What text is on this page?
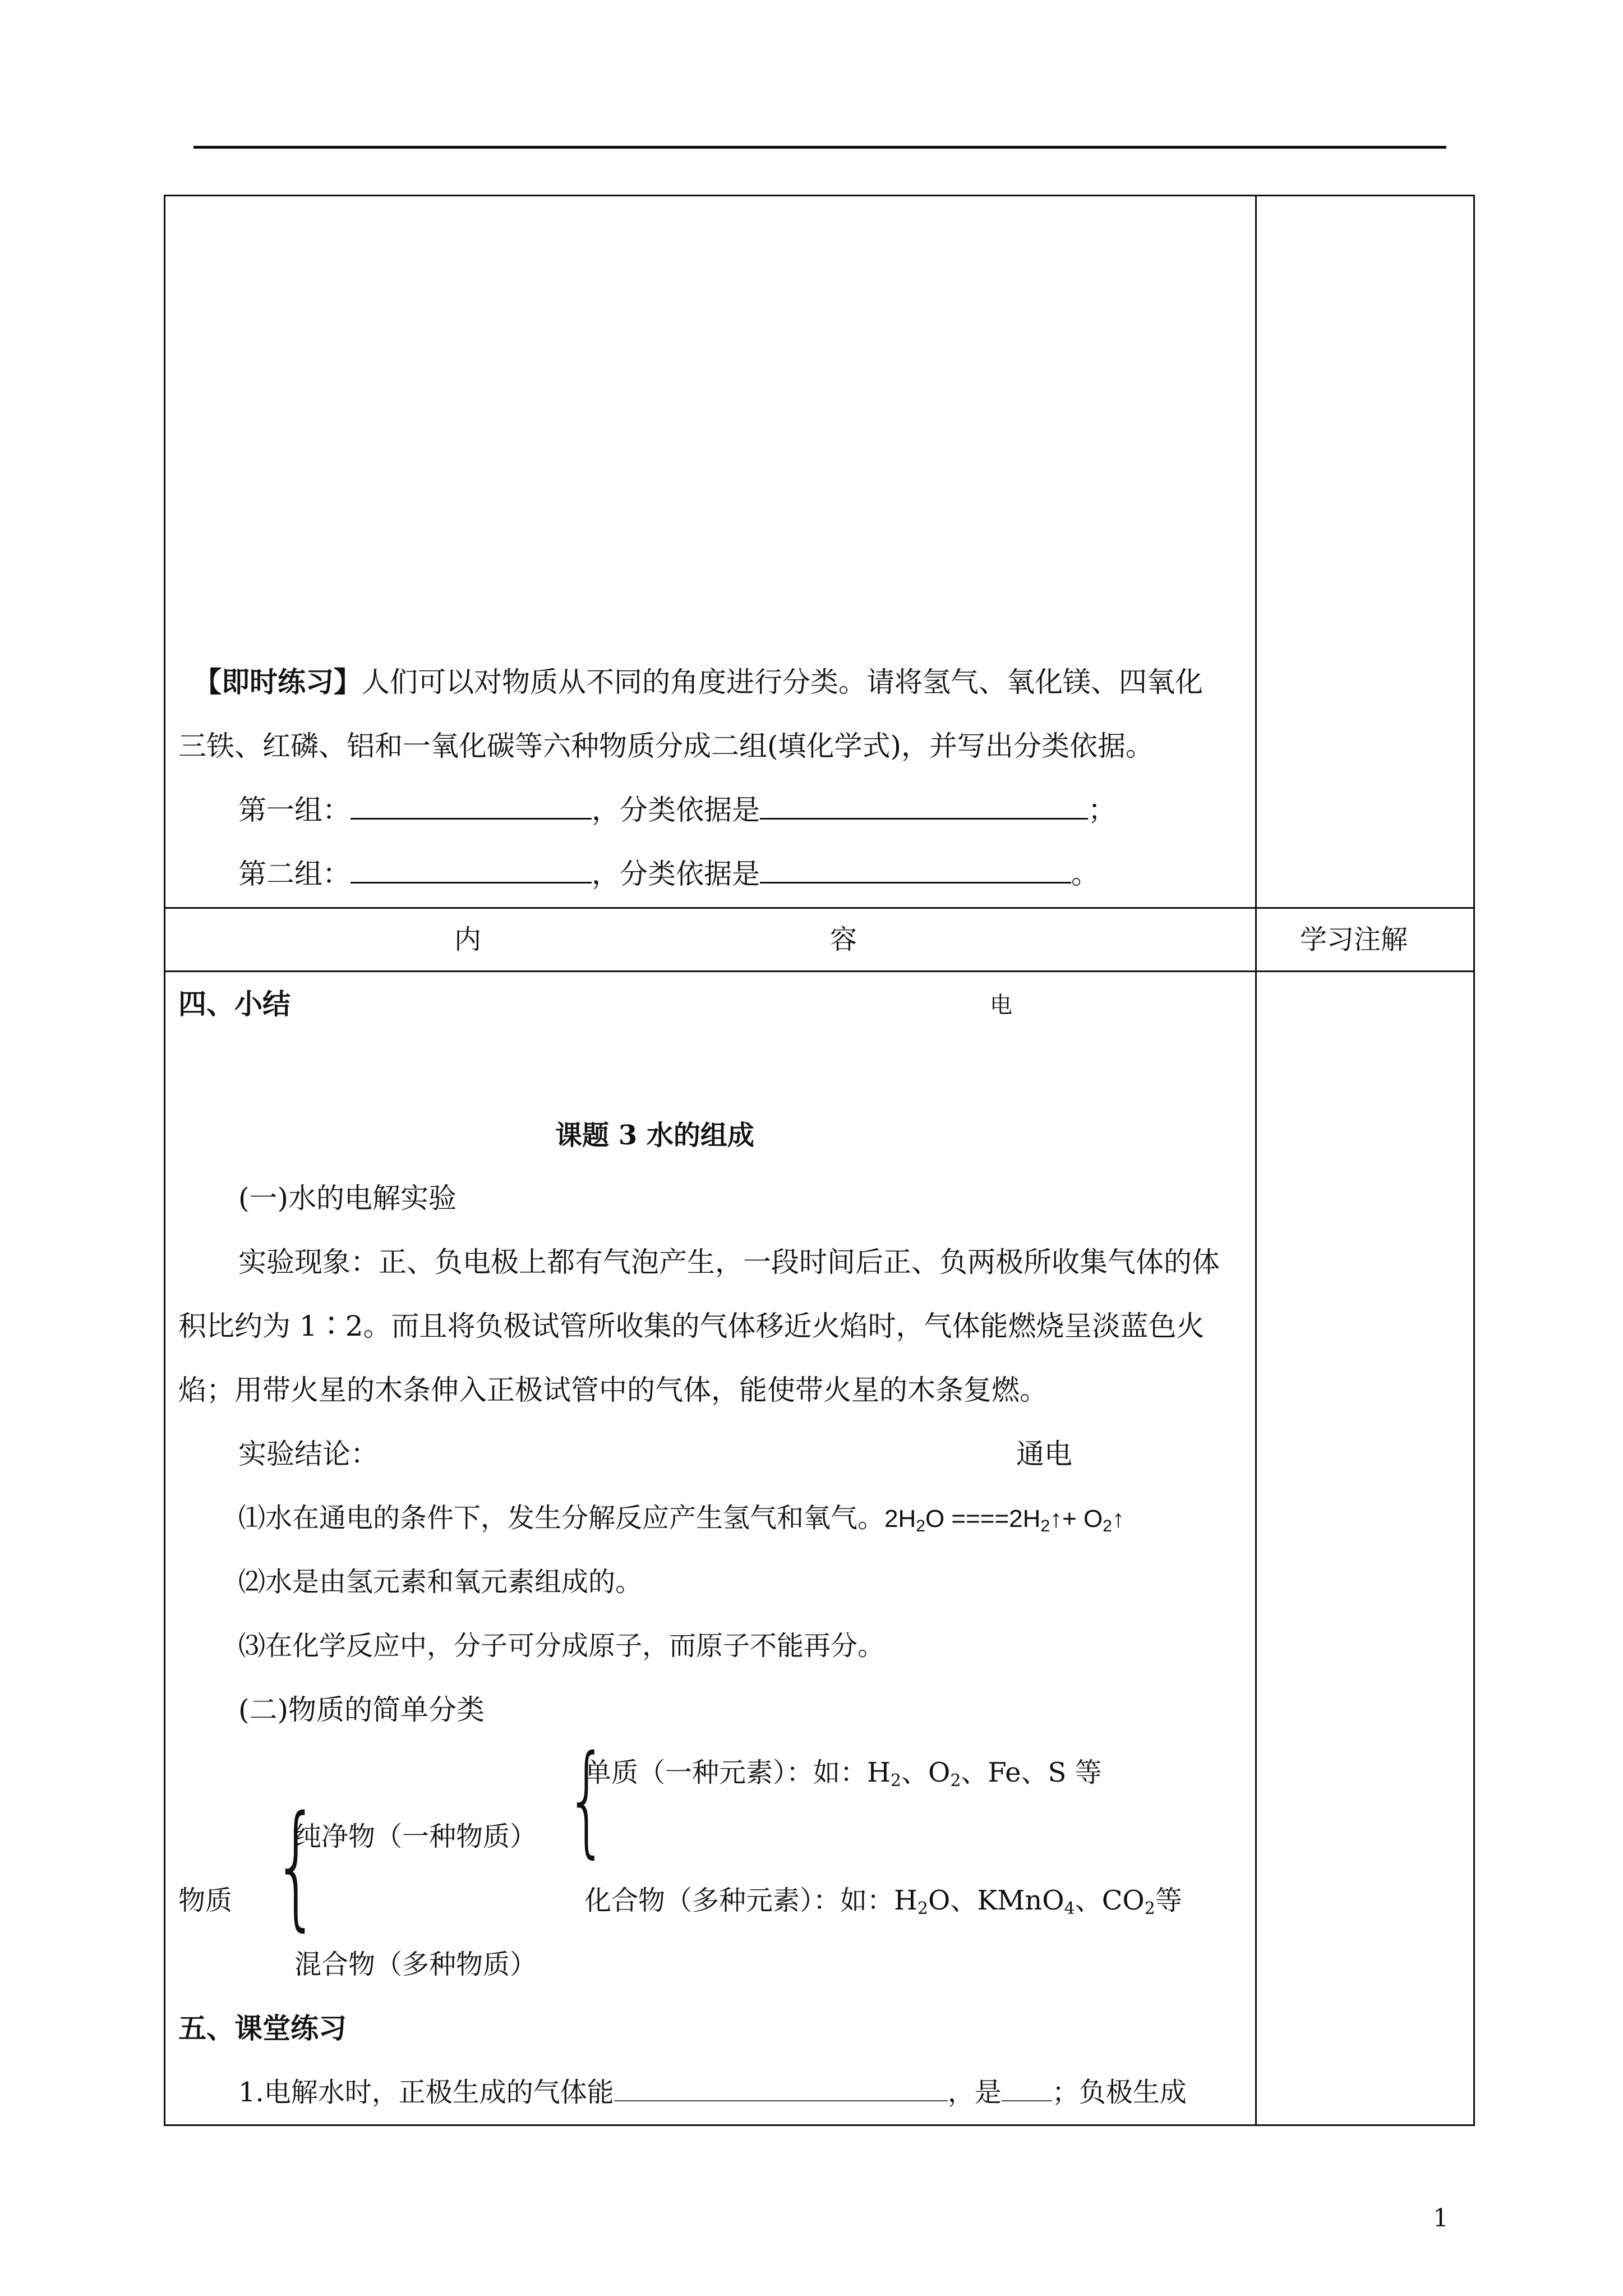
【即时练习】人们可以对物质从不同的角度进行分类。请将氢气、氧化镁、四氧化
三铁、红磷、铝和一氧化碳等六种物质分成二组(填化学式)，并写出分类依据。
第一组：	，分类依据是	；
第二组：	，分类依据是	。
内	容	学习注解
四、小结	电
课题 3 水的组成
(一)水的电解实验
实验现象：正、负电极上都有气泡产生，一段时间后正、负两极所收集气体的体
积比约为 1∶2。而且将负极试管所收集的气体移近火焰时，气体能燃烧呈淡蓝色火
焰；用带火星的木条伸入正极试管中的气体，能使带火星的木条复燃。
实验结论：	通电
⑴水在通电的条件下，发生分解反应产生氢气和氧气。$2H_2O$ $====2H_2↑+$ $O_2↑$
⑵水是由氢元素和氧元素组成的。
⑶在化学反应中，分子可分成原子，而原子不能再分。
(二)物质的简单分类
{
单质（一种元素）：如：$H_2$、$O_2$、Fe、S 等
{
纯净物（一种物质）
物质	化合物（多种元素）：如：$H_2O$、KMnO$_4$、$CO_2$等
混合物（多种物质）
五、课堂练习
1.电解水时，正极生成的气体能	，是 ；负极生成
1
